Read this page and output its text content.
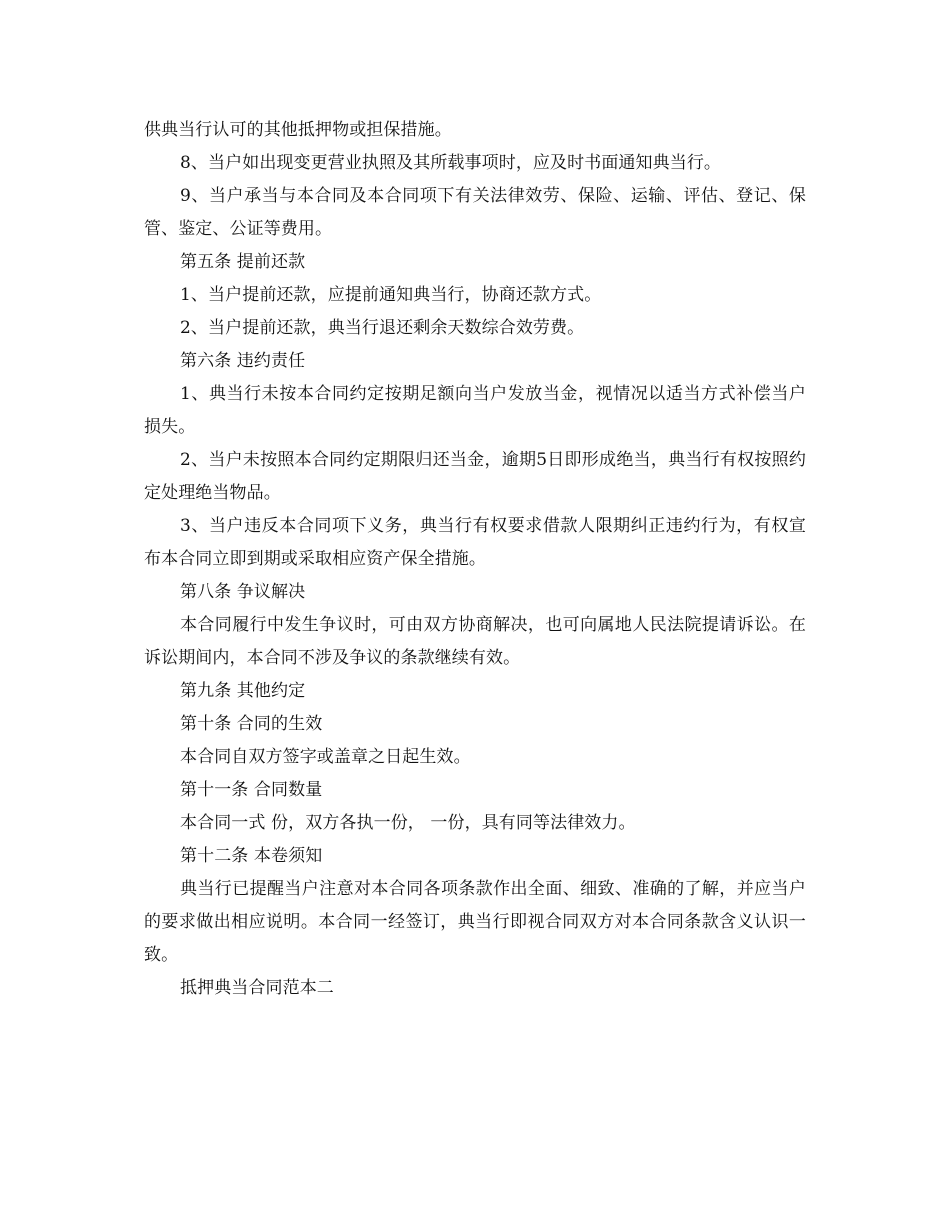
供典当行认可的其他抵押物或担保措施。

8、当户如出现变更营业执照及其所载事项时，应及时书面通知典当行。

9、当户承当与本合同及本合同项下有关法律效劳、保险、运输、评估、登记、保管、鉴定、公证等费用。

第五条 提前还款

1、当户提前还款，应提前通知典当行，协商还款方式。

2、当户提前还款，典当行退还剩余天数综合效劳费。

第六条 违约责任

1、典当行未按本合同约定按期足额向当户发放当金，视情况以适当方式补偿当户损失。

2、当户未按照本合同约定期限归还当金，逾期5日即形成绝当，典当行有权按照约定处理绝当物品。

3、当户违反本合同项下义务，典当行有权要求借款人限期纠正违约行为，有权宣布本合同立即到期或采取相应资产保全措施。

第八条 争议解决

本合同履行中发生争议时，可由双方协商解决，也可向属地人民法院提请诉讼。在诉讼期间内，本合同不涉及争议的条款继续有效。

第九条 其他约定

第十条 合同的生效

本合同自双方签字或盖章之日起生效。

第十一条 合同数量

本合同一式 份，双方各执一份， 一份，具有同等法律效力。

第十二条 本卷须知

典当行已提醒当户注意对本合同各项条款作出全面、细致、准确的了解，并应当户的要求做出相应说明。本合同一经签订，典当行即视合同双方对本合同条款含义认识一致。

抵押典当合同范本二
